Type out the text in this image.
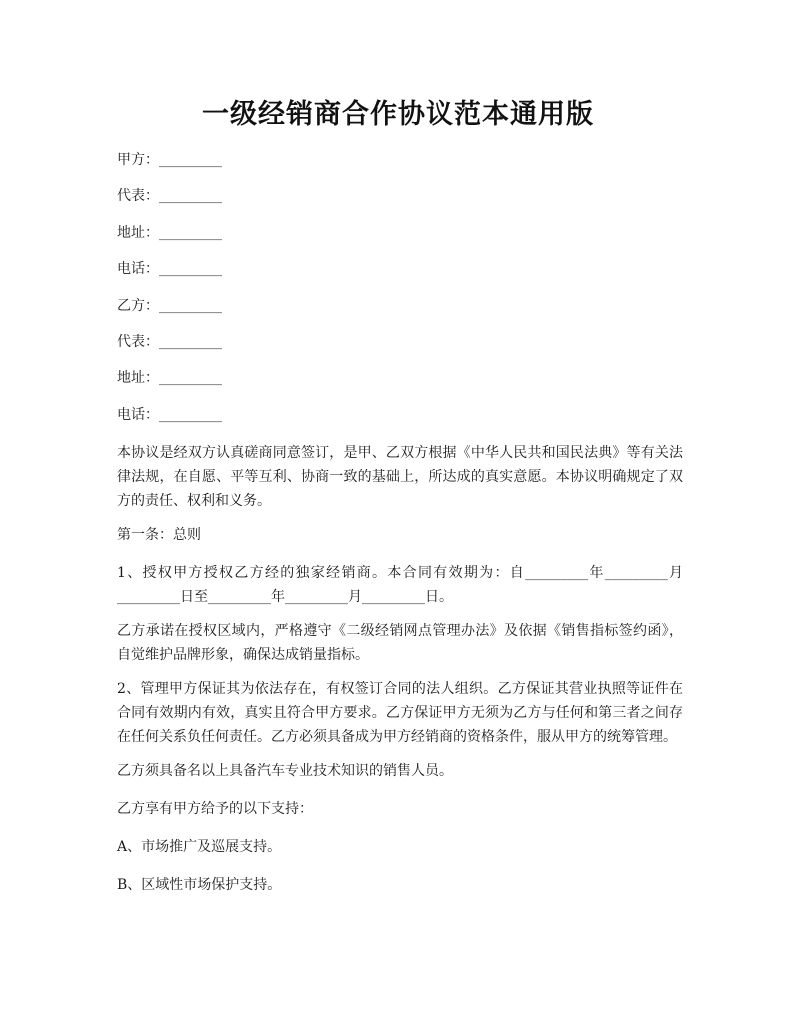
一级经销商合作协议范本通用版
甲方：_________
代表：_________
地址：_________
电话：_________
乙方：_________
代表：_________
地址：_________
电话：_________

本协议是经双方认真磋商同意签订，是甲、乙双方根据《中华人民共和国民法典》等有关法律法规，在自愿、平等互利、协商一致的基础上，所达成的真实意愿。本协议明确规定了双方的责任、权利和义务。

第一条：总则

1、授权甲方授权乙方经的独家经销商。本合同有效期为：自_________年_________月_________日至_________年_________月_________日。

乙方承诺在授权区域内，严格遵守《二级经销网点管理办法》及依据《销售指标签约函》，自觉维护品牌形象，确保达成销量指标。

2、管理甲方保证其为依法存在，有权签订合同的法人组织。乙方保证其营业执照等证件在合同有效期内有效，真实且符合甲方要求。乙方保证甲方无须为乙方与任何和第三者之间存在任何关系负任何责任。乙方必须具备成为甲方经销商的资格条件，服从甲方的统筹管理。

乙方须具备名以上具备汽车专业技术知识的销售人员。

乙方享有甲方给予的以下支持：

A、市场推广及巡展支持。

B、区域性市场保护支持。
